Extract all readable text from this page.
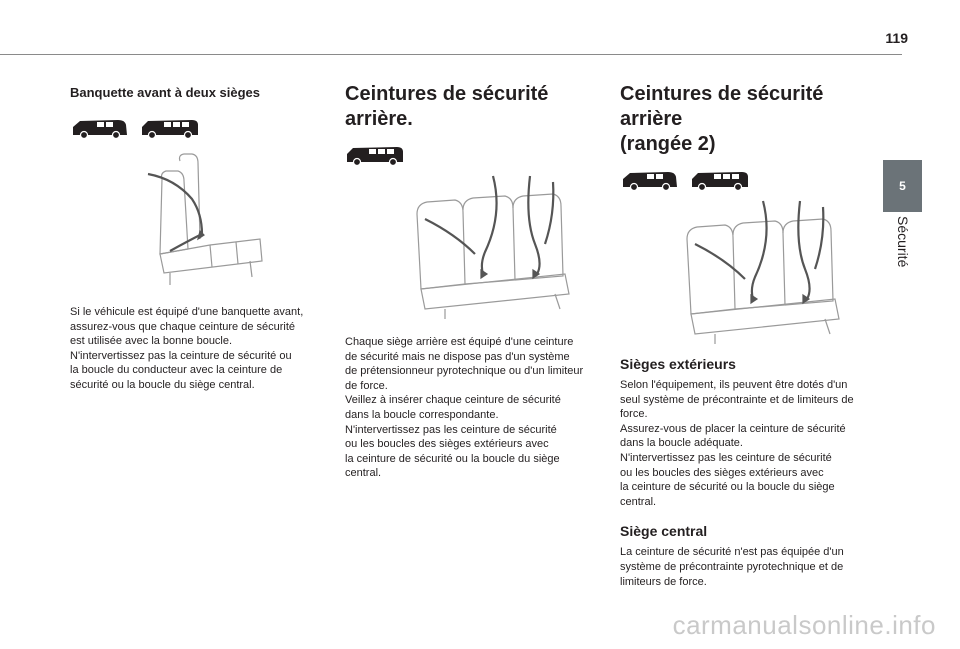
119
5
Sécurité
Banquette avant à deux sièges

Si le véhicule est équipé d'une banquette avant,
assurez-vous que chaque ceinture de sécurité
est utilisée avec la bonne boucle.
N'intervertissez pas la ceinture de sécurité ou
la boucle du conducteur avec la ceinture de
sécurité ou la boucle du siège central.

Ceintures de sécurité
arrière.

Chaque siège arrière est équipé d'une ceinture
de sécurité mais ne dispose pas d'un système
de prétensionneur pyrotechnique ou d'un limiteur
de force.
Veillez à insérer chaque ceinture de sécurité
dans la boucle correspondante.
N'intervertissez pas les ceinture de sécurité
ou les boucles des sièges extérieurs avec
la ceinture de sécurité ou la boucle du siège
central.

Ceintures de sécurité arrière
(rangée 2)
Sièges extérieurs

Selon l'équipement, ils peuvent être dotés d'un
seul système de précontrainte et de limiteurs de
force.
Assurez-vous de placer la ceinture de sécurité
dans la boucle adéquate.
N'intervertissez pas les ceinture de sécurité
ou les boucles des sièges extérieurs avec
la ceinture de sécurité ou la boucle du siège
central.

Siège central

La ceinture de sécurité n'est pas équipée d'un
système de précontrainte pyrotechnique et de
limiteurs de force.

carmanualsonline.info
